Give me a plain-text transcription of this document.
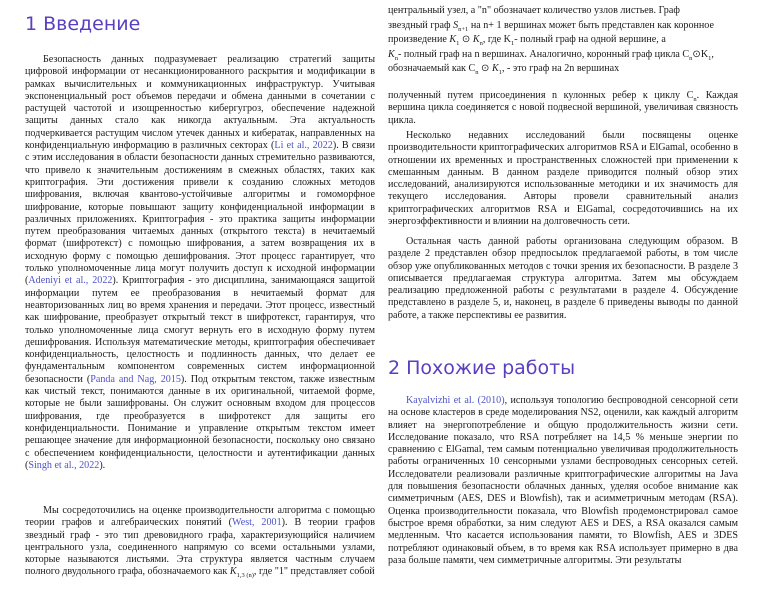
1 Введение

Безопасность данных подразумевает реализацию стратегий защиты цифровой информации от несанкционированного раскрытия и модификации в рамках вычислительных и коммуникационных инфраструктур. Учитывая экспоненциальный рост объемов передачи и обмена данными в сочетании с растущей частотой и изощренностью кибергугроз, обеспечение надежной защиты данных стало как никогда актуальным. Эта актуальность подчеркивается растущим числом утечек данных и кибератак, направленных на конфиденциальную информацию в различных секторах (Li et al., 2022). В связи с этим исследования в области безопасности данных стремительно развиваются, что привело к значительным достижениям в смежных областях, таких как криптография. Эти достижения привели к созданию сложных методов шифрования, включая квантово-устойчивые алгоритмы и гомоморфное шифрование, которые повышают защиту конфиденциальной информации в различных приложениях. Криптография - это практика защиты информации путем преобразования читаемых данных (открытого текста) в нечитаемый формат (шифротекст) с помощью шифрования, а затем возвращения их в исходную форму с помощью дешифрования. Этот процесс гарантирует, что только уполномоченные лица могут получить доступ к исходной информации (Adeniyi et al., 2022). Криптография - это дисциплина, занимающаяся защитой информации путем ее преобразования в нечитаемый формат для неавторизованных лиц во время хранения и передачи. Этот процесс, известный как шифрование, преобразует открытый текст в шифротекст, гарантируя, что только уполномоченные лица смогут вернуть его в исходную форму путем дешифрования. Используя математические методы, криптография обеспечивает конфиденциальность, целостность и подлинность данных, что делает ее фундаментальным компонентом современных систем информационной безопасности (Panda and Nag, 2015). Под открытым текстом, также известным как чистый текст, понимаются данные в их оригинальной, читаемой форме, которые не были зашифрованы. Он служит основным входом для процессов шифрования, где преобразуется в шифротекст для защиты его конфиденциальности. Понимание и управление открытым текстом имеет решающее значение для информационной безопасности, поскольку оно связано с обеспечением конфиденциальности, целостности и аутентификации данных (Singh et al., 2022).

Мы сосредоточились на оценке производительности алгоритма с помощью теории графов и алгебраических понятий (West, 2001). В теории графов звездный граф - это тип древовидного графа, характеризующийся наличием центрального узла, соединенного напрямую со всеми остальными узлами, которые называются листьями. Эта структура является частным случаем полного двудольного графа, обозначаемого как $K_{1,3 (n)}$, где "1" представляет собой

центральный узел, а "n" обозначает количество узлов листьев. Граф
звездный граф $S_{n+1}$ на n+ 1 вершинах может быть представлен как коронное
произведение $K_1$ ⊙ $K_n$, где $K_1-$ полный граф на одной вершине, а
$K_n-$ полный граф на n вершинах. Аналогично, коронный граф цикла $C_n⊙K_1$,
обозначаемый как $C_n$ ⊙ $K_1$, - это граф на 2n вершинах

полученный путем присоединения n кулонных ребер к циклу $C_n$. Каждая вершина цикла соединяется с новой подвесной вершиной, увеличивая связность цикла.

Несколько недавних исследований были посвящены оценке производительности криптографических алгоритмов RSA и ElGamal, особенно в отношении их временных и пространственных сложностей при применении к смешанным данным. В данном разделе приводится полный обзор этих исследований, анализируются использованные методики и их значимость для текущего исследования. Авторы провели сравнительный анализ криптографических алгоритмов RSA и ElGamal, сосредоточившись на их энергоэффективности и влиянии на долговечность сети.

Остальная часть данной работы организована следующим образом. В разделе 2 представлен обзор предпосылок предлагаемой работы, в том числе обзор уже опубликованных методов с точки зрения их безопасности. В разделе 3 описывается предлагаемая структура алгоритма. Затем мы обсуждаем реализацию предложенной работы с результатами в разделе 4. Обсуждение представлено в разделе 5, и, наконец, в разделе 6 приведены выводы по данной работе, а также перспективы ее развития.

2 Похожие работы

Kayalvizhi et al. (2010), используя топологию беспроводной сенсорной сети на основе кластеров в среде моделирования NS2, оценили, как каждый алгоритм влияет на энергопотребление и общую продолжительность жизни сети. Исследование показало, что RSA потребляет на 14,5 % меньше энергии по сравнению с ElGamal, тем самым потенциально увеличивая продолжительность работы ограниченных 10 сенсорными узлами беспроводных сенсорных сетей. Исследователи реализовали различные криптографические алгоритмы на Java для повышения безопасности облачных данных, уделяя особое внимание как симметричным (AES, DES и Blowfish), так и асимметричным методам (RSA). Оценка производительности показала, что Blowfish продемонстрировал самое быстрое время обработки, за ним следуют AES и DES, а RSA оказался самым медленным. Что касается использования памяти, то Blowfish, AES и 3DES потребляют одинаковый объем, в то время как RSA использует примерно в два раза больше памяти, чем симметричные алгоритмы. Эти результаты
